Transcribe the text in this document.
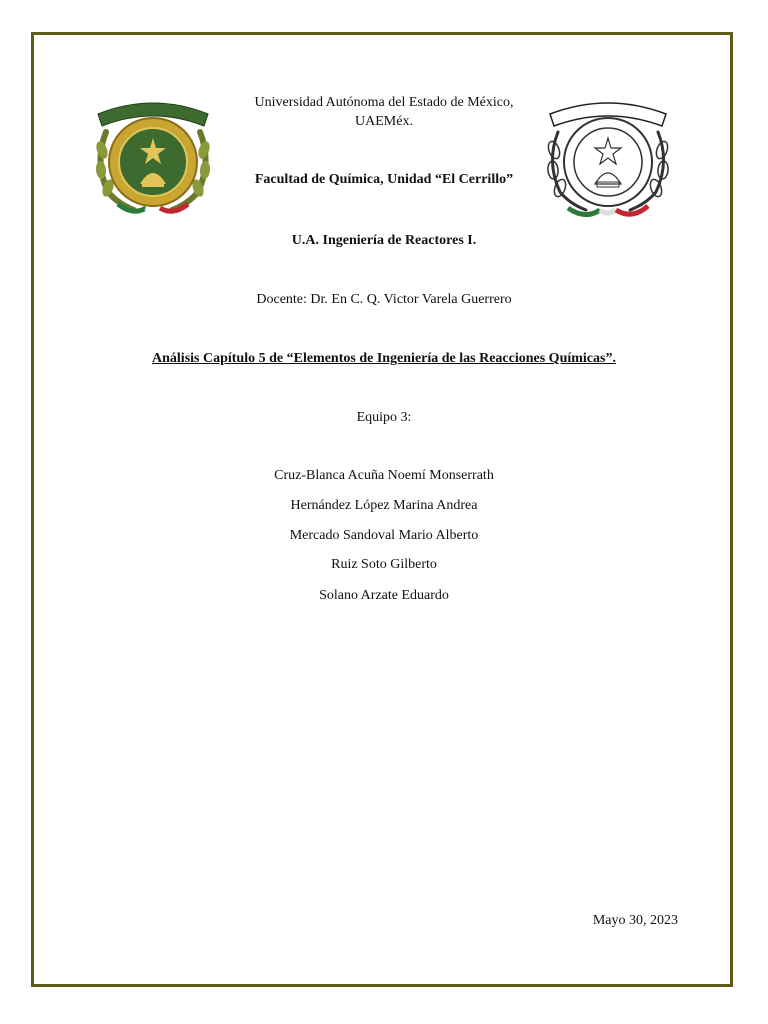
Universidad Autónoma del Estado de México,
UAEMéx.
Facultad de Química, Unidad “El Cerrillo”
U.A. Ingeniería de Reactores I.
Docente: Dr. En C. Q. Victor Varela Guerrero
Análisis Capítulo 5 de “Elementos de Ingeniería de las Reacciones Químicas”.
Equipo 3:
Cruz-Blanca Acuña Noemí Monserrath
Hernández López Marina Andrea
Mercado Sandoval Mario Alberto
Ruiz Soto Gilberto
Solano Arzate Eduardo
Mayo 30, 2023
